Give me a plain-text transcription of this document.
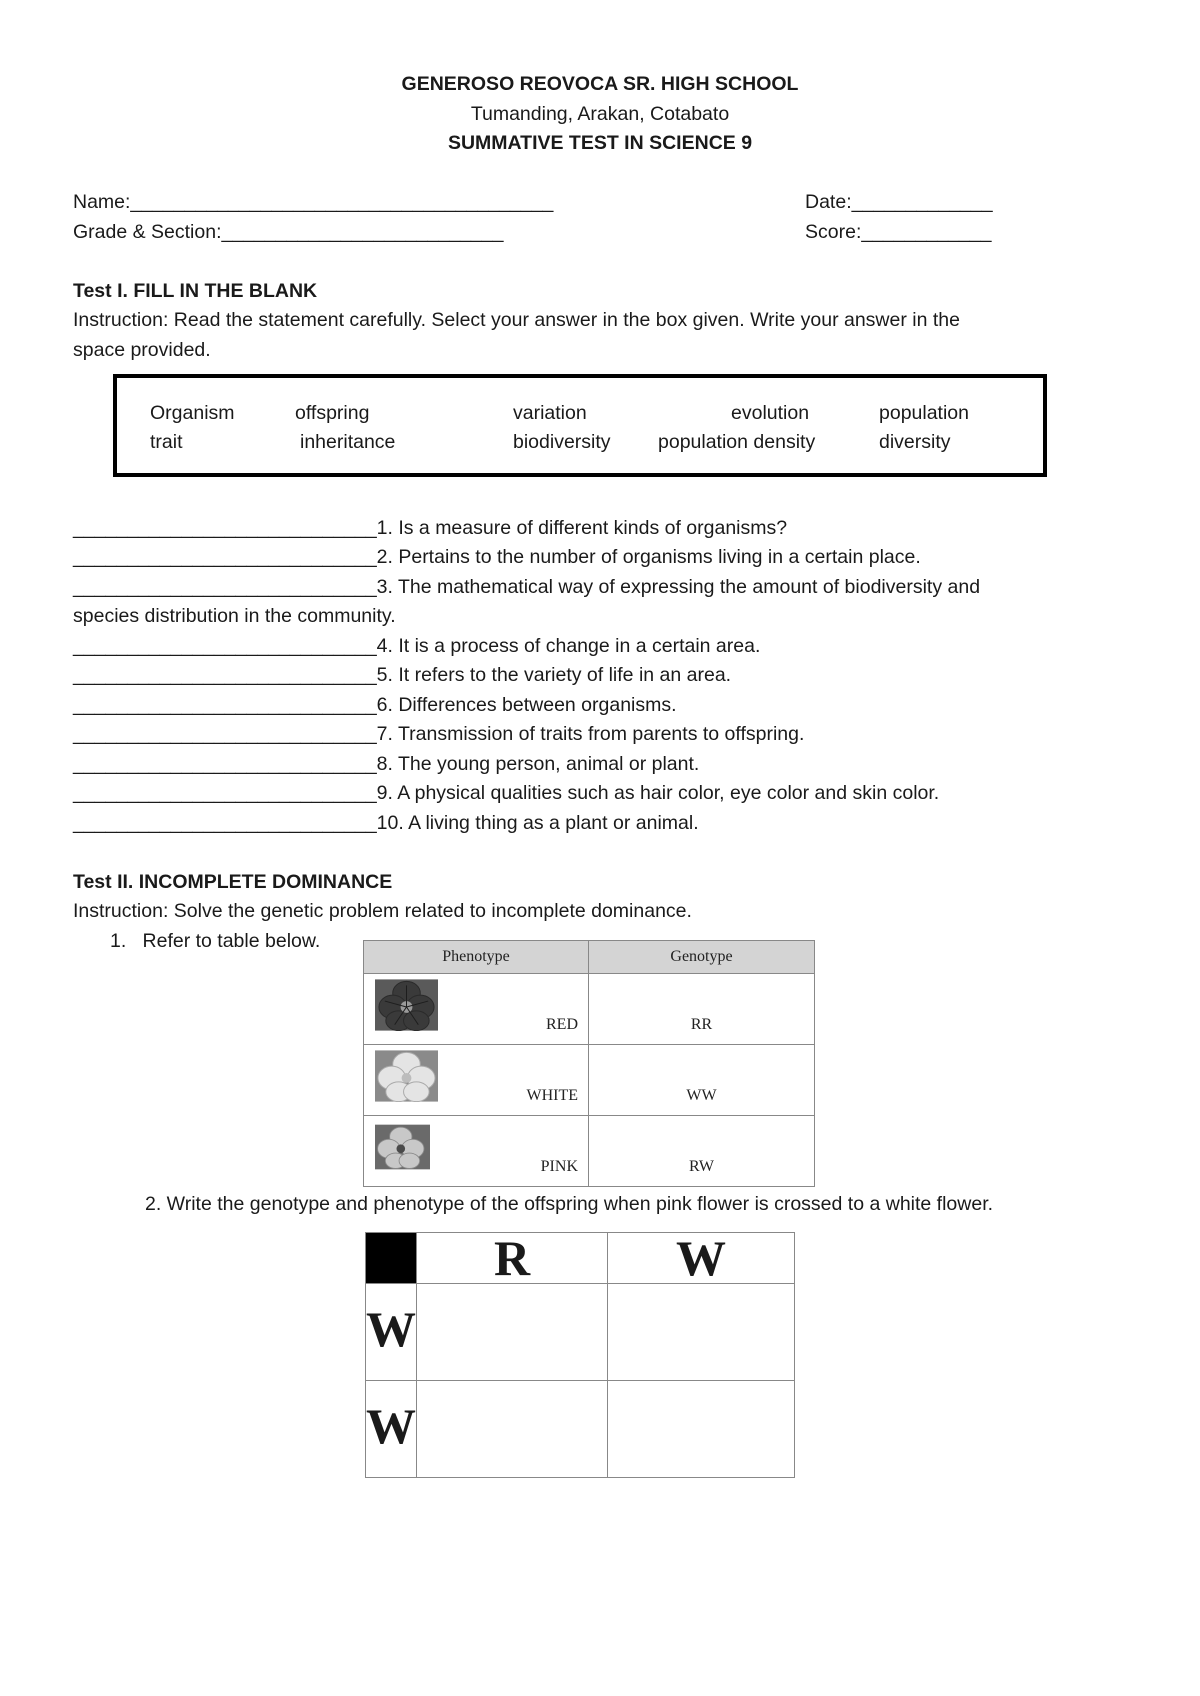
GENEROSO REOVOCA SR. HIGH SCHOOL
Tumanding, Arakan, Cotabato
SUMMATIVE TEST IN SCIENCE 9
Name:_______________________________________	Date:_____________
Grade & Section:__________________________	Score:____________
Test I. FILL IN THE BLANK
Instruction: Read the statement carefully. Select your answer in the box given. Write your answer in the
space provided.
Organism	offspring	variation	evolution	population
trait	inheritance	biodiversity population density	diversity
____________________________1. Is a measure of different kinds of organisms?
____________________________2. Pertains to the number of organisms living in a certain place.
____________________________3. The mathematical way of expressing the amount of biodiversity and
species distribution in the community.
____________________________4. It is a process of change in a certain area.
____________________________5. It refers to the variety of life in an area.
____________________________6. Differences between organisms.
____________________________7. Transmission of traits from parents to offspring.
____________________________8. The young person, animal or plant.
____________________________9. A physical qualities such as hair color, eye color and skin color.
____________________________10. A living thing as a plant or animal.
Test II. INCOMPLETE DOMINANCE
Instruction: Solve the genetic problem related to incomplete dominance.
1.   Refer to table below.
Phenotype	Genotype

RED	RR

WHITE	WW

PINK	RW
2. Write the genotype and phenotype of the offspring when pink flower is crossed to a white flower.
	R	W
W		
W		
